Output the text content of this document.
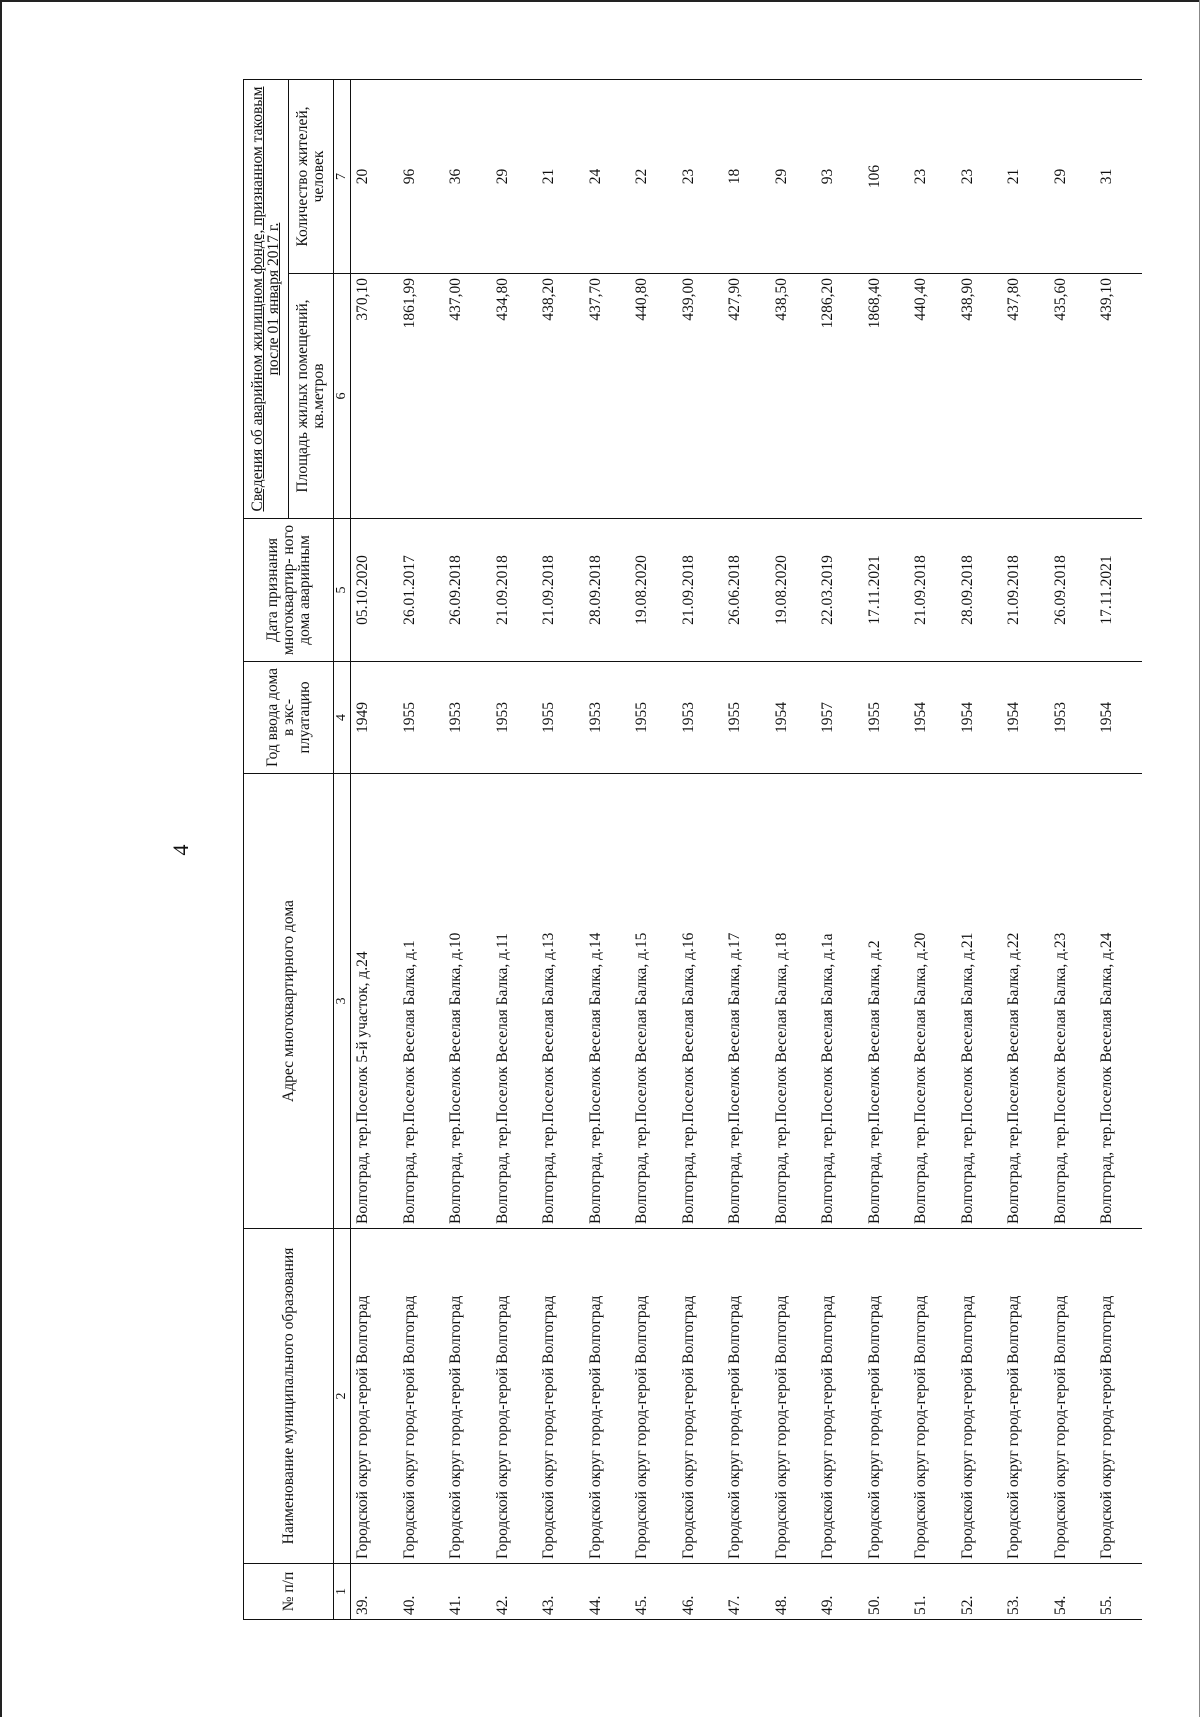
4
№ п/п	Наименование муниципального образования	Адрес многоквартирного дома	Год ввода дома в экс- плуатацию	Дата признания многоквартир- ного дома аварийным	Сведения об аварийном жилищном фонде, признанном таковым после 01 января 2017 г.	
					Площадь жилых помещений, кв.метров	Количество жителей, человек
1	2	3	4	5	6	7
39.	Городской округ город-герой Волгоград	Волгоград, тер.Поселок 5-й участок, д.24	1949	05.10.2020	370,10	20
40.	Городской округ город-герой Волгоград	Волгоград, тер.Поселок Веселая Балка, д.1	1955	26.01.2017	1861,99	96
41.	Городской округ город-герой Волгоград	Волгоград, тер.Поселок Веселая Балка, д.10	1953	26.09.2018	437,00	36
42.	Городской округ город-герой Волгоград	Волгоград, тер.Поселок Веселая Балка, д.11	1953	21.09.2018	434,80	29
43.	Городской округ город-герой Волгоград	Волгоград, тер.Поселок Веселая Балка, д.13	1955	21.09.2018	438,20	21
44.	Городской округ город-герой Волгоград	Волгоград, тер.Поселок Веселая Балка, д.14	1953	28.09.2018	437,70	24
45.	Городской округ город-герой Волгоград	Волгоград, тер.Поселок Веселая Балка, д.15	1955	19.08.2020	440,80	22
46.	Городской округ город-герой Волгоград	Волгоград, тер.Поселок Веселая Балка, д.16	1953	21.09.2018	439,00	23
47.	Городской округ город-герой Волгоград	Волгоград, тер.Поселок Веселая Балка, д.17	1955	26.06.2018	427,90	18
48.	Городской округ город-герой Волгоград	Волгоград, тер.Поселок Веселая Балка, д.18	1954	19.08.2020	438,50	29
49.	Городской округ город-герой Волгоград	Волгоград, тер.Поселок Веселая Балка, д.1а	1957	22.03.2019	1286,20	93
50.	Городской округ город-герой Волгоград	Волгоград, тер.Поселок Веселая Балка, д.2	1955	17.11.2021	1868,40	106
51.	Городской округ город-герой Волгоград	Волгоград, тер.Поселок Веселая Балка, д.20	1954	21.09.2018	440,40	23
52.	Городской округ город-герой Волгоград	Волгоград, тер.Поселок Веселая Балка, д.21	1954	28.09.2018	438,90	23
53.	Городской округ город-герой Волгоград	Волгоград, тер.Поселок Веселая Балка, д.22	1954	21.09.2018	437,80	21
54.	Городской округ город-герой Волгоград	Волгоград, тер.Поселок Веселая Балка, д.23	1953	26.09.2018	435,60	29
55.	Городской округ город-герой Волгоград	Волгоград, тер.Поселок Веселая Балка, д.24	1954	17.11.2021	439,10	31
